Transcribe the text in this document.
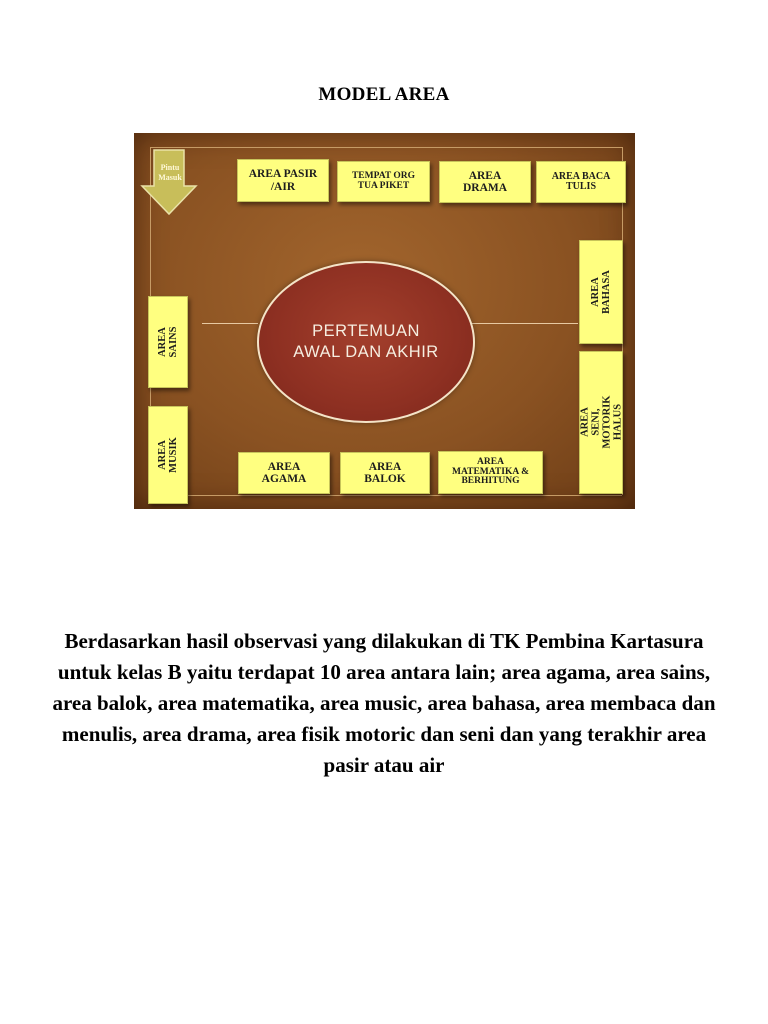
MODEL AREA
Pintu
Masuk	AREA PASIR
/AIR
TEMPAT ORG
TUA PIKET
AREA
DRAMA
AREA BACA
TULIS
AREA SAINS
AREA
MUSIK
AREA
BAHASA
AREA SENI,
MOTORIK HALUS
AREA
AGAMA
AREA
BALOK
AREA
MATEMATIKA &
BERHITUNG
PERTEMUAN
AWAL DAN AKHIR
Berdasarkan hasil observasi yang dilakukan di TK Pembina Kartasura untuk kelas B yaitu terdapat 10 area antara lain; area agama, area sains, area balok, area matematika, area music, area bahasa, area membaca dan menulis, area drama, area fisik motoric dan seni dan yang terakhir area pasir atau air
